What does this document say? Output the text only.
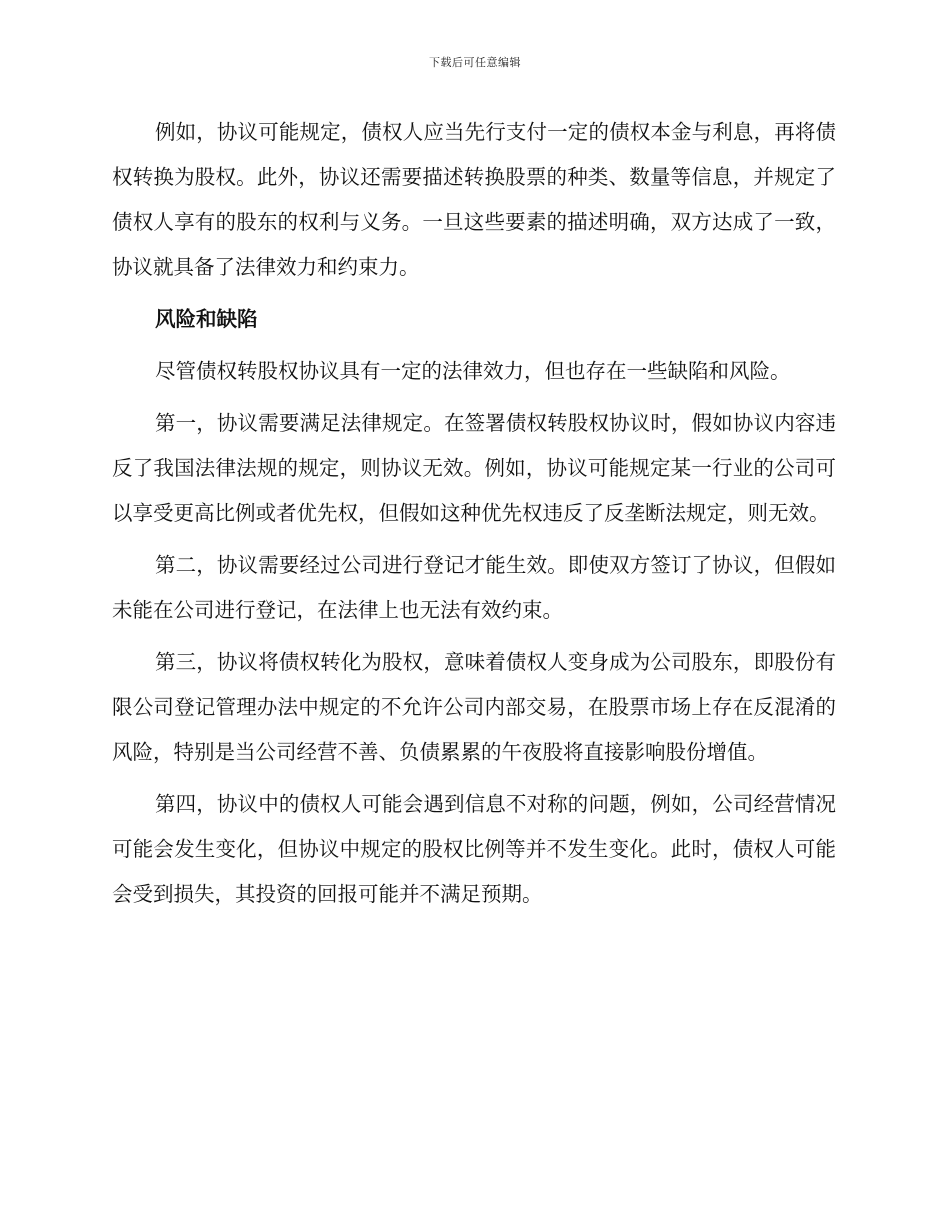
下载后可任意编辑

例如，协议可能规定，债权人应当先行支付一定的债权本金与利息，再将债权转换为股权。此外，协议还需要描述转换股票的种类、数量等信息，并规定了债权人享有的股东的权利与义务。一旦这些要素的描述明确，双方达成了一致，协议就具备了法律效力和约束力。

风险和缺陷

尽管债权转股权协议具有一定的法律效力，但也存在一些缺陷和风险。

第一，协议需要满足法律规定。在签署债权转股权协议时，假如协议内容违反了我国法律法规的规定，则协议无效。例如，协议可能规定某一行业的公司可以享受更高比例或者优先权，但假如这种优先权违反了反垄断法规定，则无效。

第二，协议需要经过公司进行登记才能生效。即使双方签订了协议，但假如未能在公司进行登记，在法律上也无法有效约束。

第三，协议将债权转化为股权，意味着债权人变身成为公司股东，即股份有限公司登记管理办法中规定的不允许公司内部交易，在股票市场上存在反混淆的风险，特别是当公司经营不善、负债累累的午夜股将直接影响股份增值。

第四，协议中的债权人可能会遇到信息不对称的问题，例如，公司经营情况可能会发生变化，但协议中规定的股权比例等并不发生变化。此时，债权人可能会受到损失，其投资的回报可能并不满足预期。
